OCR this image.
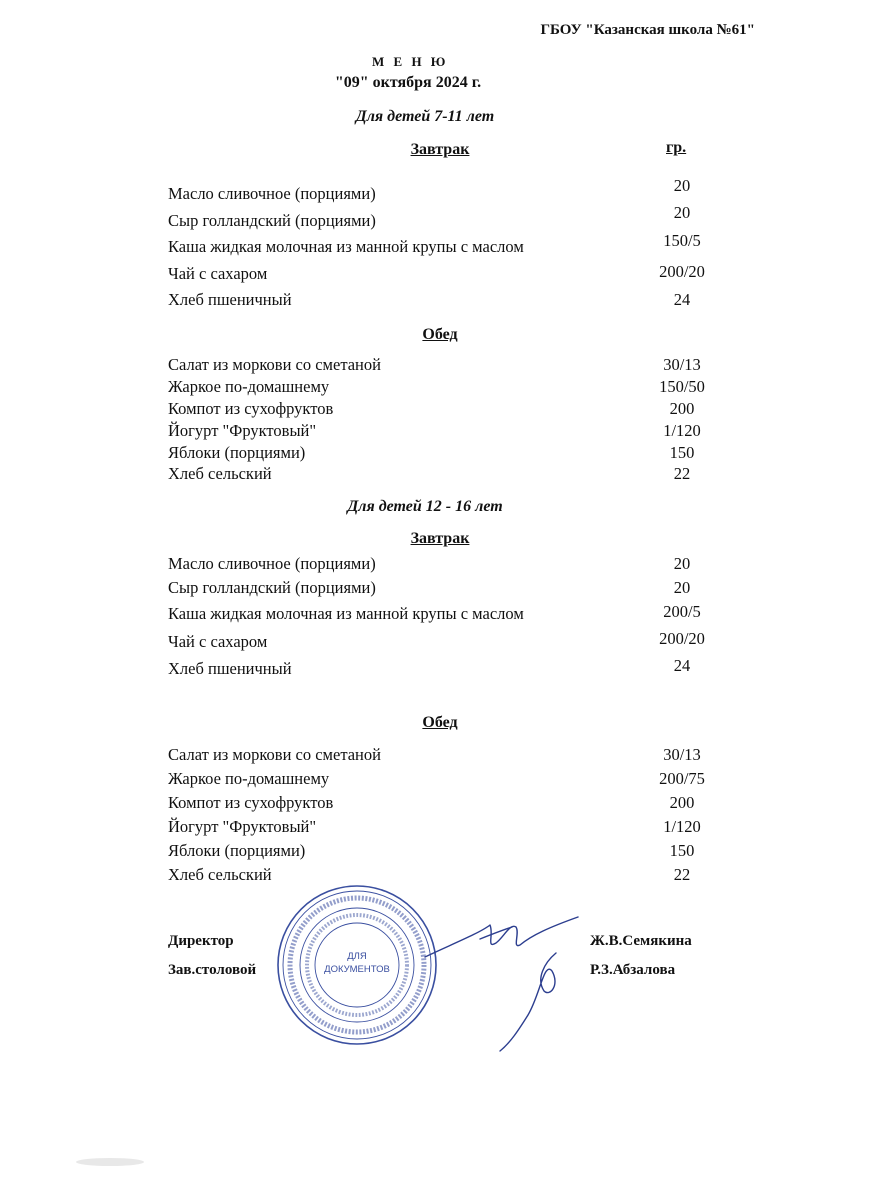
ГБОУ "Казанская школа №61"
М Е Н Ю
"09" октября 2024 г.
Для детей 7-11 лет
Завтрак	гр.
Масло сливочное (порциями)	20
Сыр голландский (порциями)	20
Каша жидкая молочная из манной крупы с маслом	150/5
Чай с сахаром	200/20
Хлеб пшеничный	24
Обед
Салат из моркови со сметаной	30/13
Жаркое по-домашнему	150/50
Компот из сухофруктов	200
Йогурт "Фруктовый"	1/120
Яблоки (порциями)	150
Хлеб сельский	22
Для детей 12 - 16 лет
Завтрак
Масло сливочное (порциями)	20
Сыр голландский (порциями)	20
Каша жидкая молочная из манной крупы с маслом	200/5
Чай с сахаром	200/20
Хлеб пшеничный	24
Обед
Салат из моркови со сметаной	30/13
Жаркое по-домашнему	200/75
Компот из сухофруктов	200
Йогурт "Фруктовый"	1/120
Яблоки (порциями)	150
Хлеб сельский	22
Директор	Ж.В.Семякина
Зав.столовой	Р.З.Абзалова
ДЛЯ
ДОКУМЕНТОВ
